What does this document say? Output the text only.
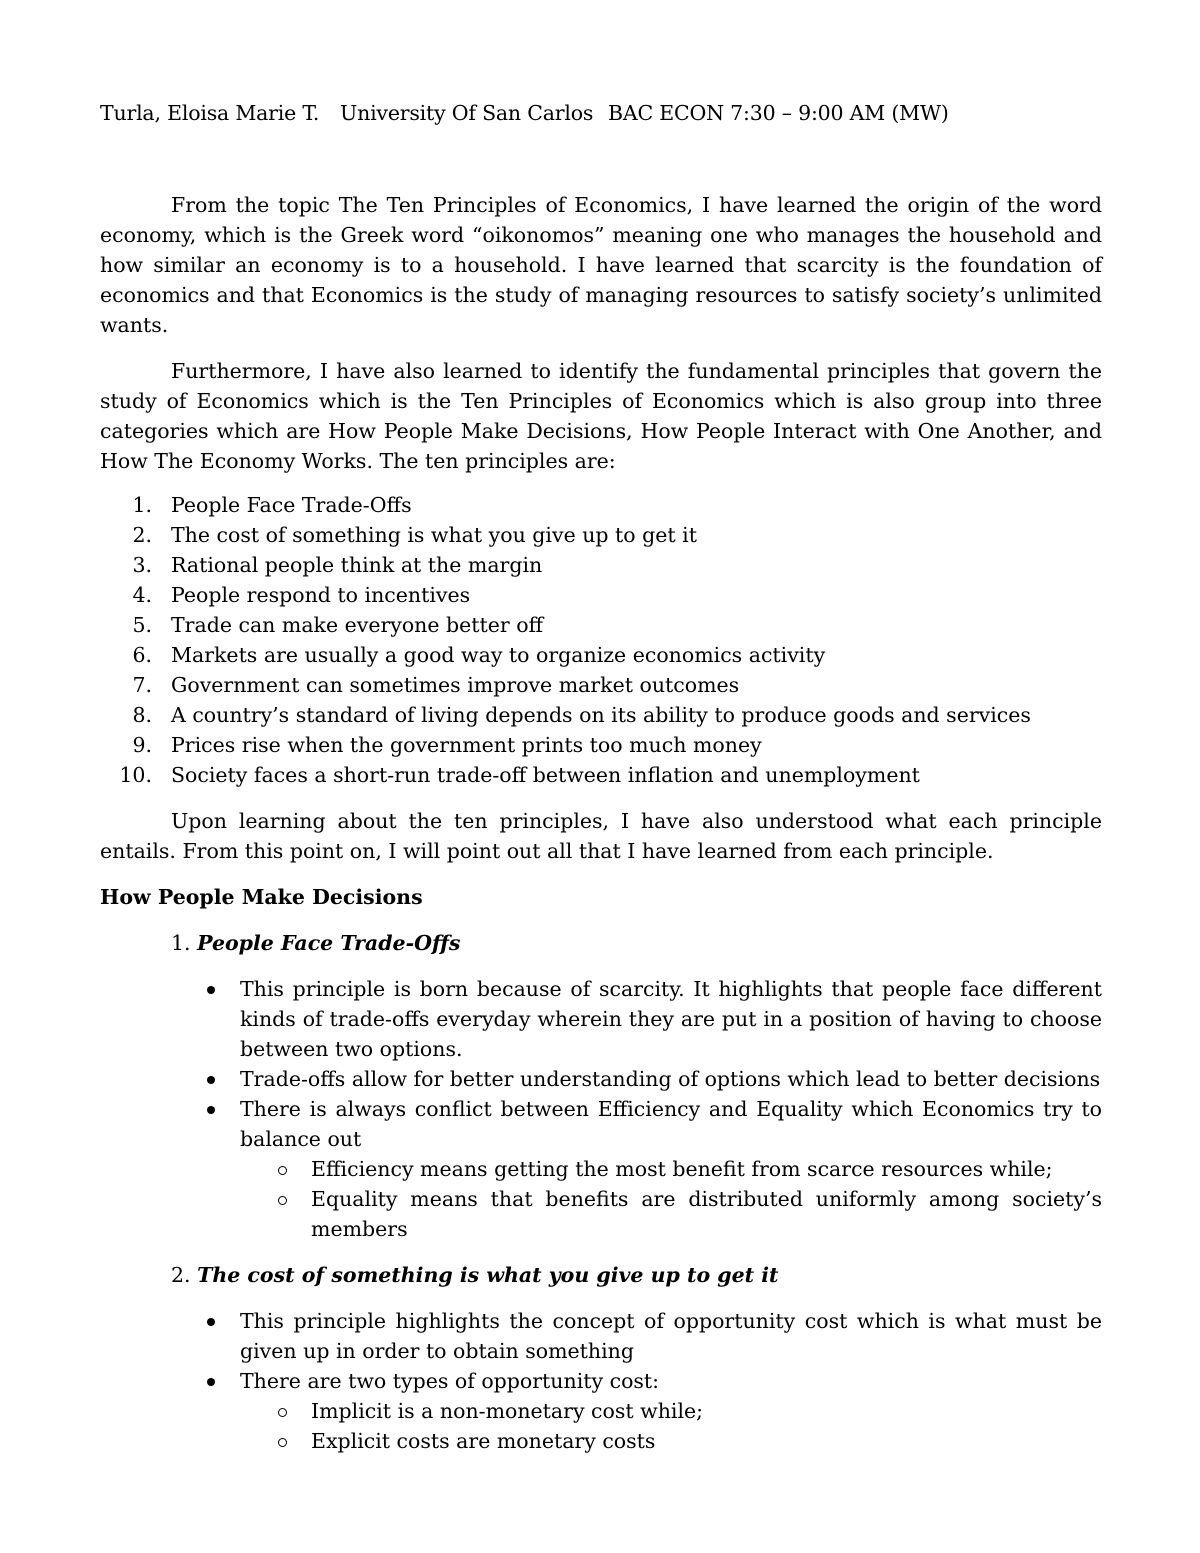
Turla, Eloisa Marie T. University Of San Carlos BAC ECON 7:30 – 9:00 AM (MW)

From the topic The Ten Principles of Economics, I have learned the origin of the word economy, which is the Greek word “oikonomos” meaning one who manages the household and how similar an economy is to a household. I have learned that scarcity is the foundation of economics and that Economics is the study of managing resources to satisfy society’s unlimited wants.

Furthermore, I have also learned to identify the fundamental principles that govern the study of Economics which is the Ten Principles of Economics which is also group into three categories which are How People Make Decisions, How People Interact with One Another, and How The Economy Works. The ten principles are:

1. People Face Trade-Offs
2. The cost of something is what you give up to get it
3. Rational people think at the margin
4. People respond to incentives
5. Trade can make everyone better off
6. Markets are usually a good way to organize economics activity
7. Government can sometimes improve market outcomes
8. A country’s standard of living depends on its ability to produce goods and services
9. Prices rise when the government prints too much money
10. Society faces a short-run trade-off between inflation and unemployment

Upon learning about the ten principles, I have also understood what each principle entails. From this point on, I will point out all that I have learned from each principle.

How People Make Decisions
1. People Face Trade-Offs
This principle is born because of scarcity. It highlights that people face different kinds of trade-offs everyday wherein they are put in a position of having to choose between two options.
Trade-offs allow for better understanding of options which lead to better decisions
There is always conflict between Efficiency and Equality which Economics try to balance out
Efficiency means getting the most benefit from scarce resources while;
Equality means that benefits are distributed uniformly among society’s members
2. The cost of something is what you give up to get it
This principle highlights the concept of opportunity cost which is what must be given up in order to obtain something
There are two types of opportunity cost:
Implicit is a non-monetary cost while;
Explicit costs are monetary costs
